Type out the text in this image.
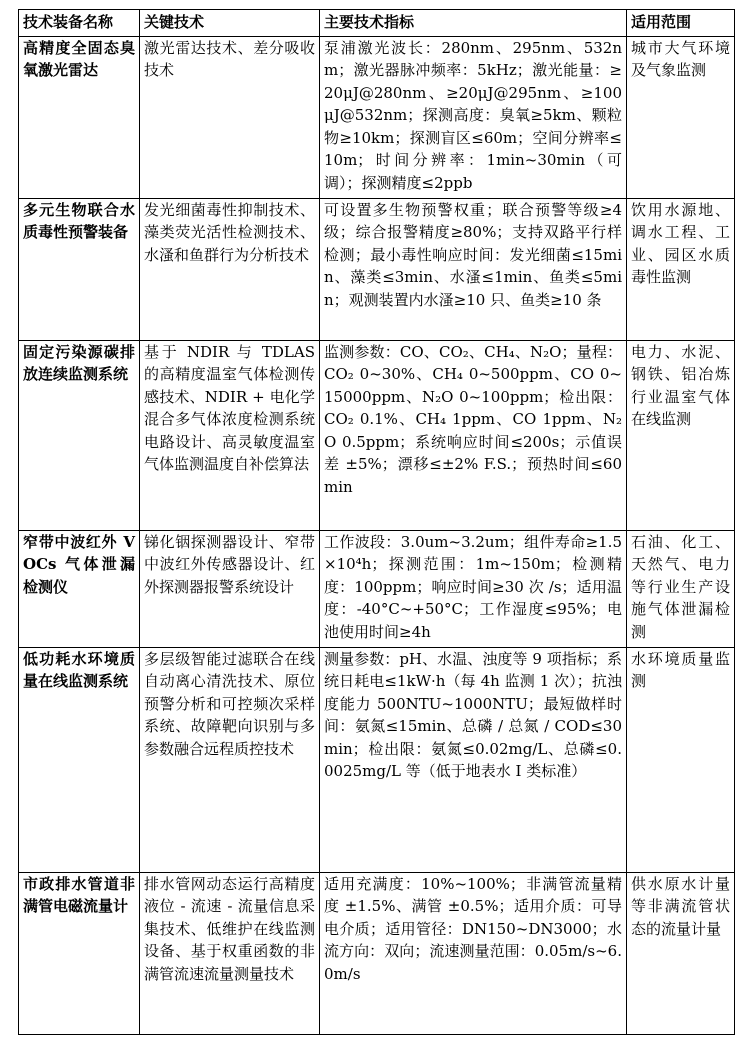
技术装备名称	关键技术	主要技术指标	适用范围
高精度全固态臭氧激光雷达	激光雷达技术、差分吸收技术	泵浦激光波长：280nm、295nm、532nm；激光器脉冲频率：5kHz；激光能量：≥20μJ@280nm、≥20μJ@295nm、≥100μJ@532nm；探测高度：臭氧≥5km、颗粒物≥10km；探测盲区≤60m；空间分辨率≤10m；时间分辨率：1min~30min（可调）；探测精度≤2ppb	城市大气环境及气象监测
多元生物联合水质毒性预警装备	发光细菌毒性抑制技术、藻类荧光活性检测技术、水溞和鱼群行为分析技术	可设置多生物预警权重；联合预警等级≥4 级；综合报警精度≥80%；支持双路平行样检测；最小毒性响应时间：发光细菌≤15min、藻类≤3min、水溞≤1min、鱼类≤5min；观测装置内水溞≥10 只、鱼类≥10 条	饮用水源地、调水工程、工业、园区水质毒性监测
固定污染源碳排放连续监测系统	基于 NDIR 与 TDLAS 的高精度温室气体检测传感技术、NDIR + 电化学混合多气体浓度检测系统电路设计、高灵敏度温室气体监测温度自补偿算法	监测参数：CO、CO₂、CH₄、N₂O；量程：CO₂ 0~30%、CH₄ 0~500ppm、CO 0~15000ppm、N₂O 0~100ppm；检出限：CO₂ 0.1%、CH₄ 1ppm、CO 1ppm、N₂O 0.5ppm；系统响应时间≤200s；示值误差 ±5%；漂移≤±2% F.S.；预热时间≤60min	电力、水泥、钢铁、铝冶炼行业温室气体在线监测
窄带中波红外 VOCs 气体泄漏检测仪	锑化铟探测器设计、窄带中波红外传感器设计、红外探测器报警系统设计	工作波段：3.0um~3.2um；组件寿命≥1.5×10⁴h；探测范围：1m~150m；检测精度：100ppm；响应时间≥30 次 /s；适用温度：-40°C~+50°C；工作湿度≤95%；电池使用时间≥4h	石油、化工、天然气、电力等行业生产设施气体泄漏检测
低功耗水环境质量在线监测系统	多层级智能过滤联合在线自动离心清洗技术、原位预警分析和可控频次采样系统、故障靶向识别与多参数融合远程质控技术	测量参数：pH、水温、浊度等 9 项指标；系统日耗电≤1kW·h（每 4h 监测 1 次）；抗浊度能力 500NTU~1000NTU；最短做样时间：氨氮≤15min、总磷 / 总氮 / COD≤30min；检出限：氨氮≤0.02mg/L、总磷≤0.0025mg/L 等（低于地表水 I 类标准）	水环境质量监测
市政排水管道非满管电磁流量计	排水管网动态运行高精度液位 - 流速 - 流量信息采集技术、低维护在线监测设备、基于权重函数的非满管流速流量测量技术	适用充满度：10%~100%；非满管流量精度 ±1.5%、满管 ±0.5%；适用介质：可导电介质；适用管径：DN150~DN3000；水流方向：双向；流速测量范围：0.05m/s~6.0m/s	供水原水计量等非满流管状态的流量计量
